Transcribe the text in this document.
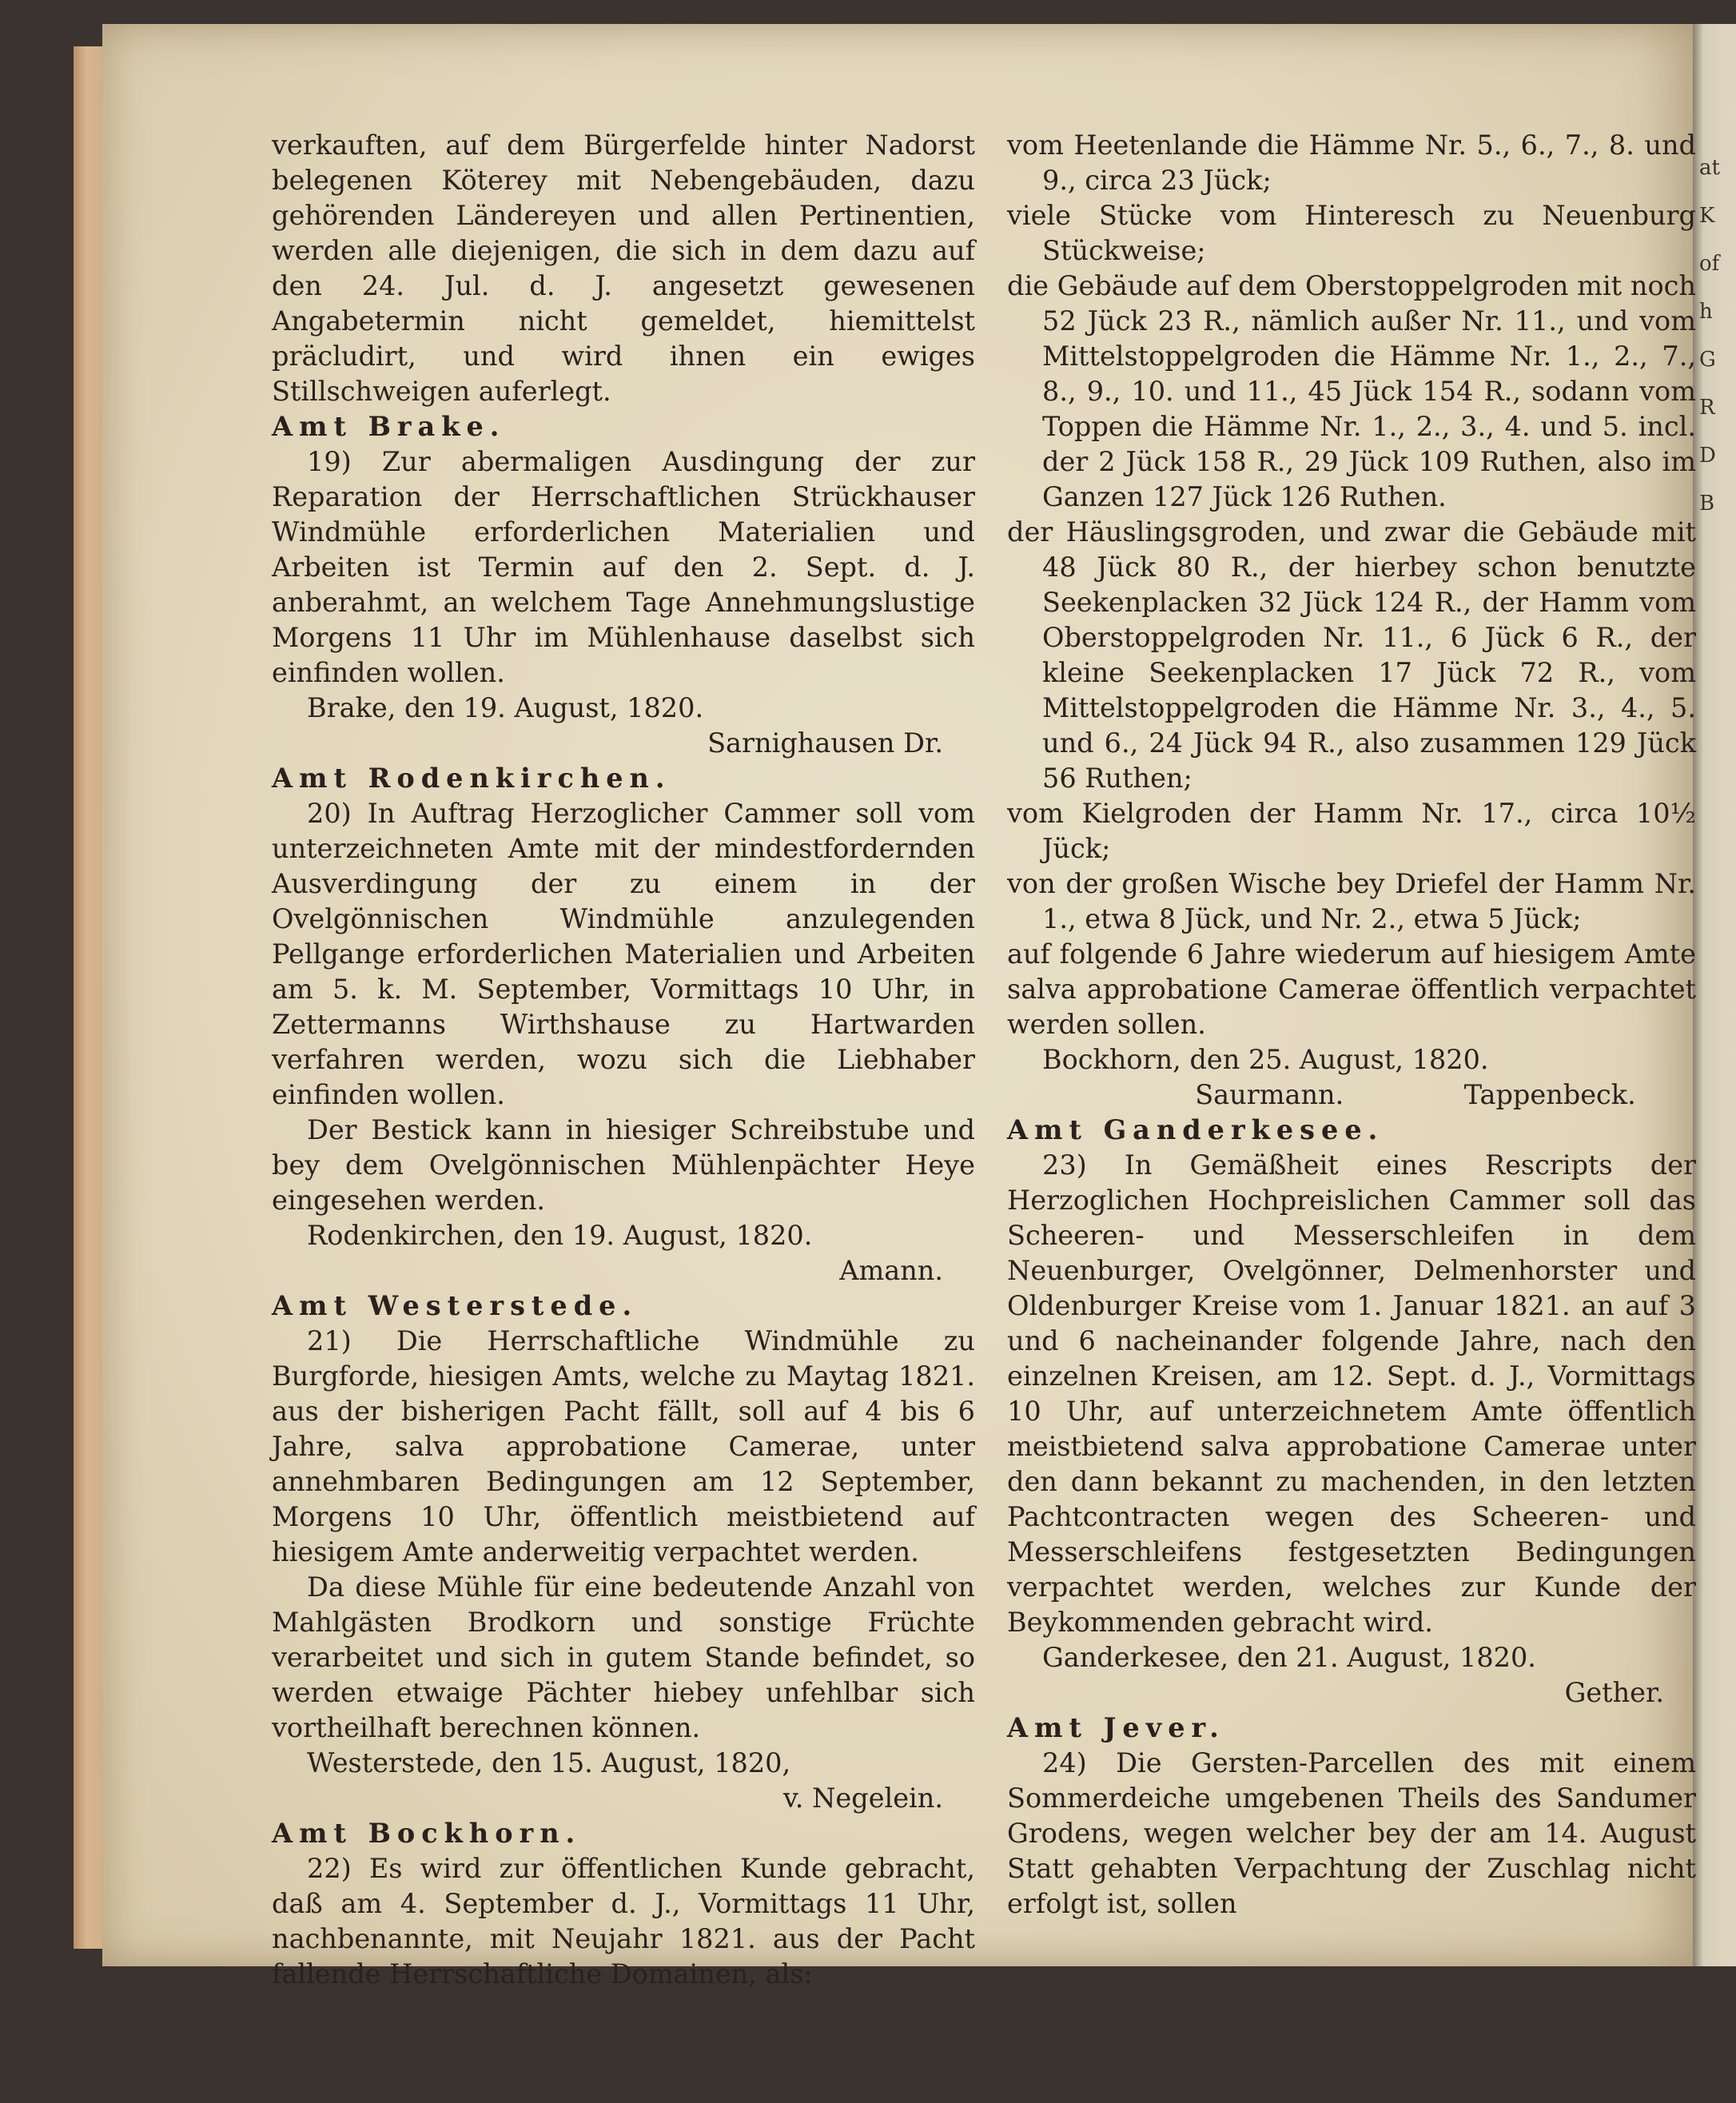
at
K
of
h
G
R
D
B

verkauften, auf dem Bürgerfelde hinter Nadorst belegenen Köterey mit Nebengebäuden, dazu gehörenden Ländereyen und allen Pertinentien, werden alle diejenigen, die sich in dem dazu auf den 24. Jul. d. J. angesetzt gewesenen Angabetermin nicht gemeldet, hiemittelst präcludirt, und wird ihnen ein ewiges Stillschweigen auferlegt.

Amt Brake.

19) Zur abermaligen Ausdingung der zur Reparation der Herrschaftlichen Strückhauser Windmühle erforderlichen Materialien und Arbeiten ist Termin auf den 2. Sept. d. J. anberahmt, an welchem Tage Annehmungslustige Morgens 11 Uhr im Mühlenhause daselbst sich einfinden wollen.

Brake, den 19. August, 1820.

Sarnighausen Dr.

Amt Rodenkirchen.

20) In Auftrag Herzoglicher Cammer soll vom unterzeichneten Amte mit der mindestfordernden Ausverdingung der zu einem in der Ovelgönnischen Windmühle anzulegenden Pellgange erforderlichen Materialien und Arbeiten am 5. k. M. September, Vormittags 10 Uhr, in Zettermanns Wirthshause zu Hartwarden verfahren werden, wozu sich die Liebhaber einfinden wollen.

Der Bestick kann in hiesiger Schreibstube und bey dem Ovelgönnischen Mühlenpächter Heye eingesehen werden.

Rodenkirchen, den 19. August, 1820.

Amann.

Amt Westerstede.

21) Die Herrschaftliche Windmühle zu Burgforde, hiesigen Amts, welche zu Maytag 1821. aus der bisherigen Pacht fällt, soll auf 4 bis 6 Jahre, salva approbatione Camerae, unter annehmbaren Bedingungen am 12 September, Morgens 10 Uhr, öffentlich meistbietend auf hiesigem Amte anderweitig verpachtet werden.

Da diese Mühle für eine bedeutende Anzahl von Mahlgästen Brodkorn und sonstige Früchte verarbeitet und sich in gutem Stande befindet, so werden etwaige Pächter hiebey unfehlbar sich vortheilhaft berechnen können.

Westerstede, den 15. August, 1820,

v. Negelein.

Amt Bockhorn.

22) Es wird zur öffentlichen Kunde gebracht, daß am 4. September d. J., Vormittags 11 Uhr, nachbenannte, mit Neujahr 1821. aus der Pacht fallende Herrschaftliche Domainen, als:

vom Heetenlande die Hämme Nr. 5., 6., 7., 8. und 9., circa 23 Jück;

viele Stücke vom Hinteresch zu Neuenburg Stückweise;

die Gebäude auf dem Oberstoppelgroden mit noch 52 Jück 23 R., nämlich außer Nr. 11., und vom Mittelstoppelgroden die Hämme Nr. 1., 2., 7., 8., 9., 10. und 11., 45 Jück 154 R., sodann vom Toppen die Hämme Nr. 1., 2., 3., 4. und 5. incl. der 2 Jück 158 R., 29 Jück 109 Ruthen, also im Ganzen 127 Jück 126 Ruthen.

der Häuslingsgroden, und zwar die Gebäude mit 48 Jück 80 R., der hierbey schon benutzte Seekenplacken 32 Jück 124 R., der Hamm vom Oberstoppelgroden Nr. 11., 6 Jück 6 R., der kleine Seekenplacken 17 Jück 72 R., vom Mittelstoppelgroden die Hämme Nr. 3., 4., 5. und 6., 24 Jück 94 R., also zusammen 129 Jück 56 Ruthen;

vom Kielgroden der Hamm Nr. 17., circa 10½ Jück;

von der großen Wische bey Driefel der Hamm Nr. 1., etwa 8 Jück, und Nr. 2., etwa 5 Jück;

auf folgende 6 Jahre wiederum auf hiesigem Amte salva approbatione Camerae öffentlich verpachtet werden sollen.

Bockhorn, den 25. August, 1820.

Saurmann.	Tappenbeck.

Amt Ganderkesee.

23) In Gemäßheit eines Rescripts der Herzoglichen Hochpreislichen Cammer soll das Scheeren- und Messerschleifen in dem Neuenburger, Ovelgönner, Delmenhorster und Oldenburger Kreise vom 1. Januar 1821. an auf 3 und 6 nacheinander folgende Jahre, nach den einzelnen Kreisen, am 12. Sept. d. J., Vormittags 10 Uhr, auf unterzeichnetem Amte öffentlich meistbietend salva approbatione Camerae unter den dann bekannt zu machenden, in den letzten Pachtcontracten wegen des Scheeren- und Messerschleifens festgesetzten Bedingungen verpachtet werden, welches zur Kunde der Beykommenden gebracht wird.

Ganderkesee, den 21. August, 1820.

Gether.

Amt Jever.

24) Die Gersten-Parcellen des mit einem Sommerdeiche umgebenen Theils des Sandumer Grodens, wegen welcher bey der am 14. August Statt gehabten Verpachtung der Zuschlag nicht erfolgt ist, sollen
